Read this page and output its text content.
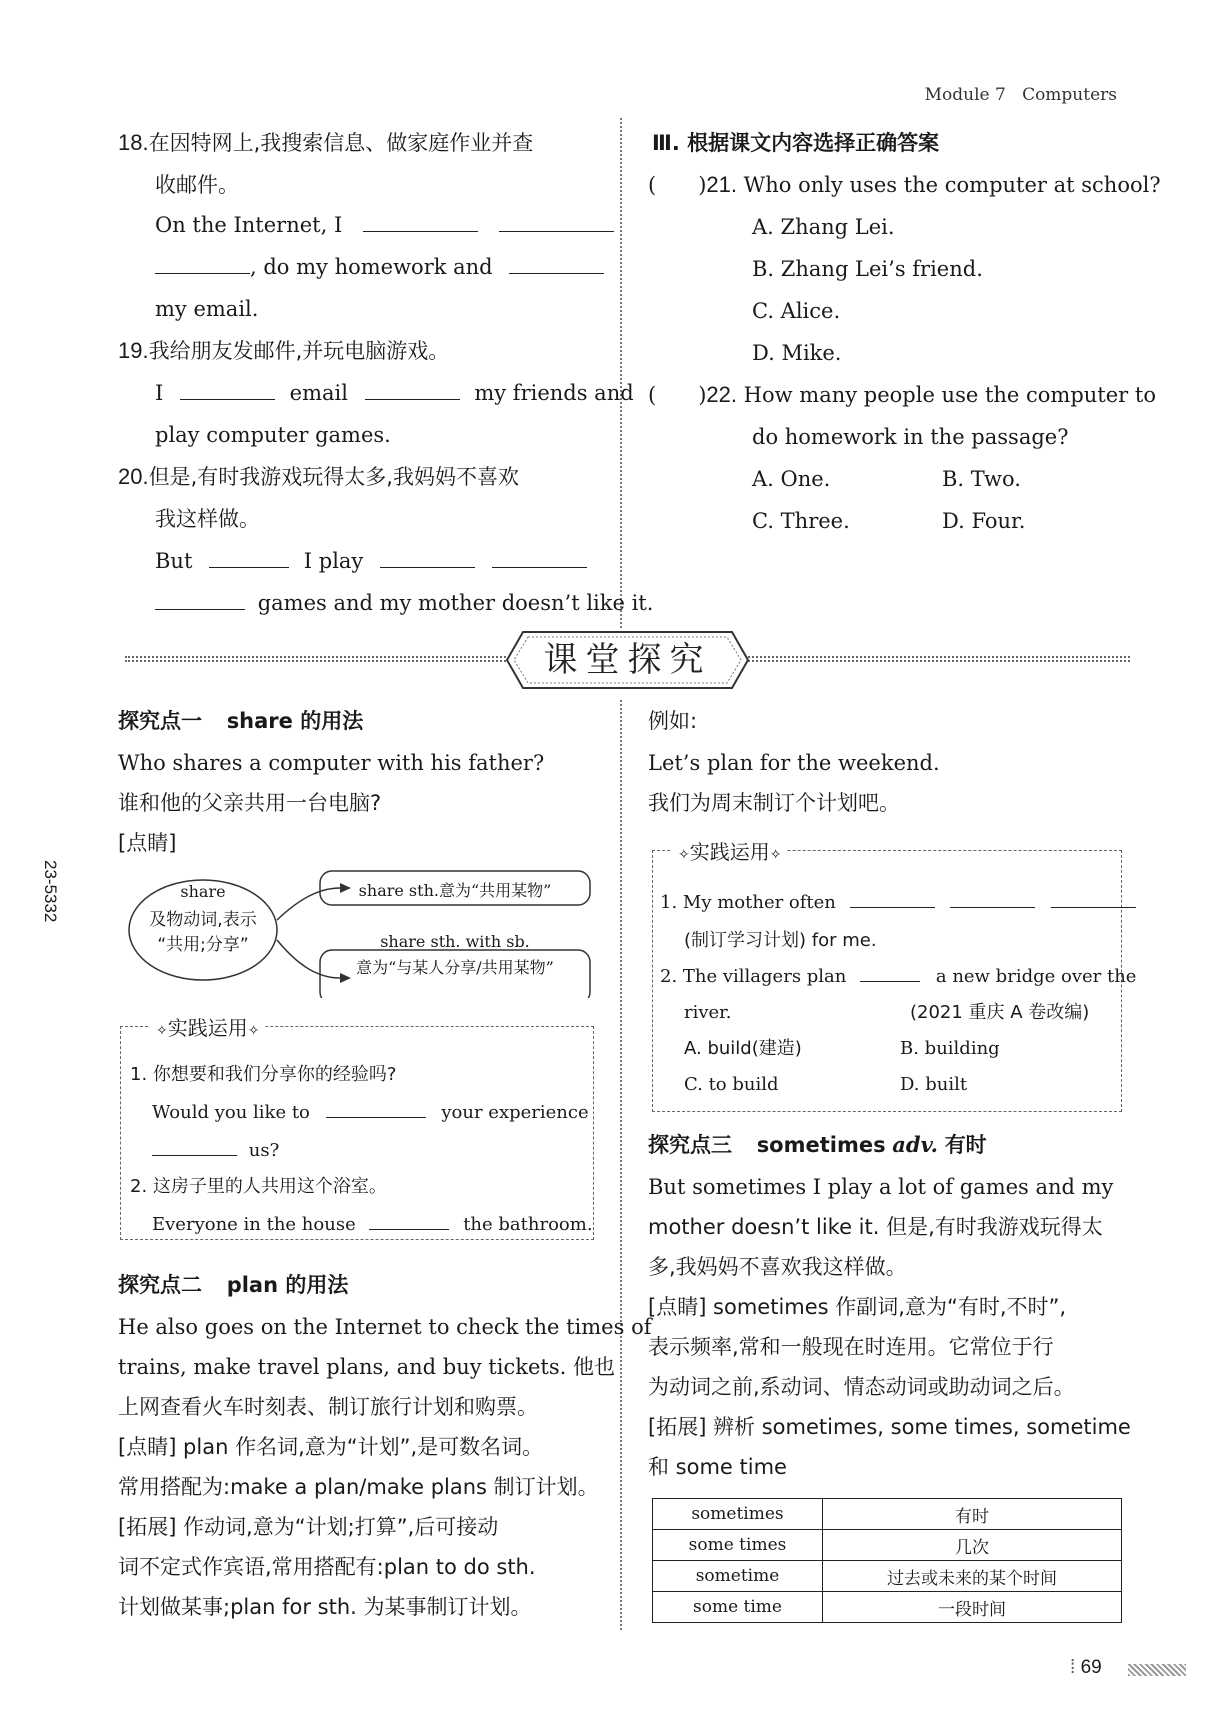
Module 7 Computers
23-5332
18.在因特网上,我搜索信息、做家庭作业并查
收邮件。
On the Internet, I
, do my homework and
my email.
19.我给朋友发邮件,并玩电脑游戏。
I	email	my friends and
play computer games.
20.但是,有时我游戏玩得太多,我妈妈不喜欢
我这样做。
But	I play
games and my mother doesn’t like it.
Ⅲ. 根据课文内容选择正确答案
(　　)21. Who only uses the computer at school?
A. Zhang Lei.
B. Zhang Lei’s friend.
C. Alice.
D. Mike.
(　　)22. How many people use the computer to
do homework in the passage?
A. One.	B. Two.
C. Three.	D. Four.
课堂探究
探究点一 share 的用法
Who shares a computer with his father?
谁和他的父亲共用一台电脑?
[点睛]
share
及物动词,表示
“共用;分享”
share sth.意为“共用某物”
share sth. with sb.
意为“与某人分享/共用某物”
✧实践运用✧
1. 你想要和我们分享你的经验吗?
Would you like to	your experience
us?
2. 这房子里的人共用这个浴室。
Everyone in the house	the bathroom.
探究点二 plan 的用法
He also goes on the Internet to check the times of
trains, make travel plans, and buy tickets. 他也
上网查看火车时刻表、制订旅行计划和购票。
[点睛] plan 作名词,意为“计划”,是可数名词。
常用搭配为:make a plan/make plans 制订计划。
[拓展] 作动词,意为“计划;打算”,后可接动
词不定式作宾语,常用搭配有:plan to do sth.
计划做某事;plan for sth. 为某事制订计划。
例如:
Let’s plan for the weekend.
我们为周末制订个计划吧。
✧实践运用✧
1. My mother often
(制订学习计划) for me.
2. The villagers plan	a new bridge over the
river.	(2021 重庆 A 卷改编)
A. build(建造)	B. building
C. to build	D. built
探究点三 sometimes adv. 有时
But sometimes I play a lot of games and my
mother doesn’t like it. 但是,有时我游戏玩得太
多,我妈妈不喜欢我这样做。
[点睛] sometimes 作副词,意为“有时,不时”,
表示频率,常和一般现在时连用。它常位于行
为动词之前,系动词、情态动词或助动词之后。
[拓展] 辨析 sometimes, some times, sometime
和 some time
sometimes	有时
some times	几次
sometime	过去或未来的某个时间
some time	一段时间
⁞ 69
